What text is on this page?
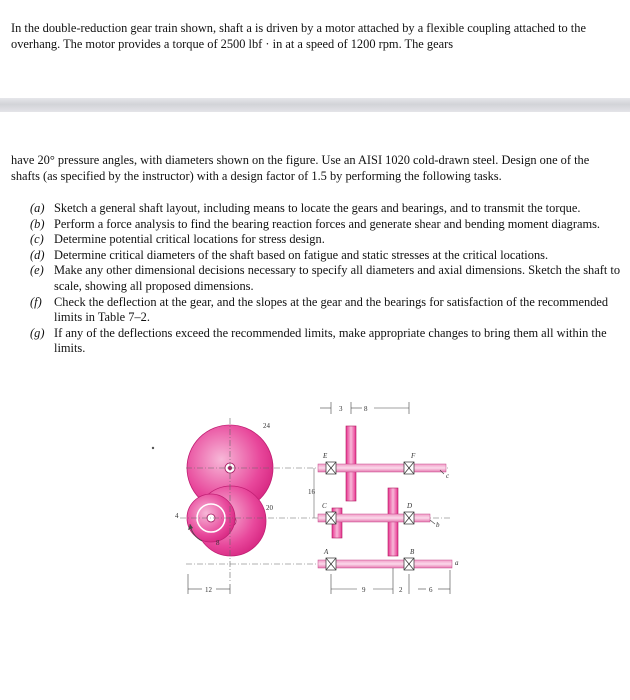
In the double-reduction gear train shown, shaft a is driven by a motor attached by a flexible coupling attached to the overhang. The motor provides a torque of 2500 lbf · in at a speed of 1200 rpm. The gears

have 20° pressure angles, with diameters shown on the figure. Use an AISI 1020 cold-drawn steel. Design one of the shafts (as specified by the instructor) with a design factor of 1.5 by performing the following tasks.

(a) Sketch a general shaft layout, including means to locate the gears and bearings, and to transmit the torque.
(b) Perform a force analysis to find the bearing reaction forces and generate shear and bending moment diagrams.
(c) Determine potential critical locations for stress design.
(d) Determine critical diameters of the shaft based on fatigue and static stresses at the critical locations.
(e) Make any other dimensional decisions necessary to specify all diameters and axial dimensions. Sketch the shaft to scale, showing all proposed dimensions.
(f) Check the deflection at the gear, and the slopes at the gear and the bearings for satisfaction of the recommended limits in Table 7–2.
(g) If any of the deflections exceed the recommended limits, make appropriate changes to bring them all within the limits.
24
20
16
8
4
E	F
C	D
A	B
c
b
a
3	8
9	2	6
12
